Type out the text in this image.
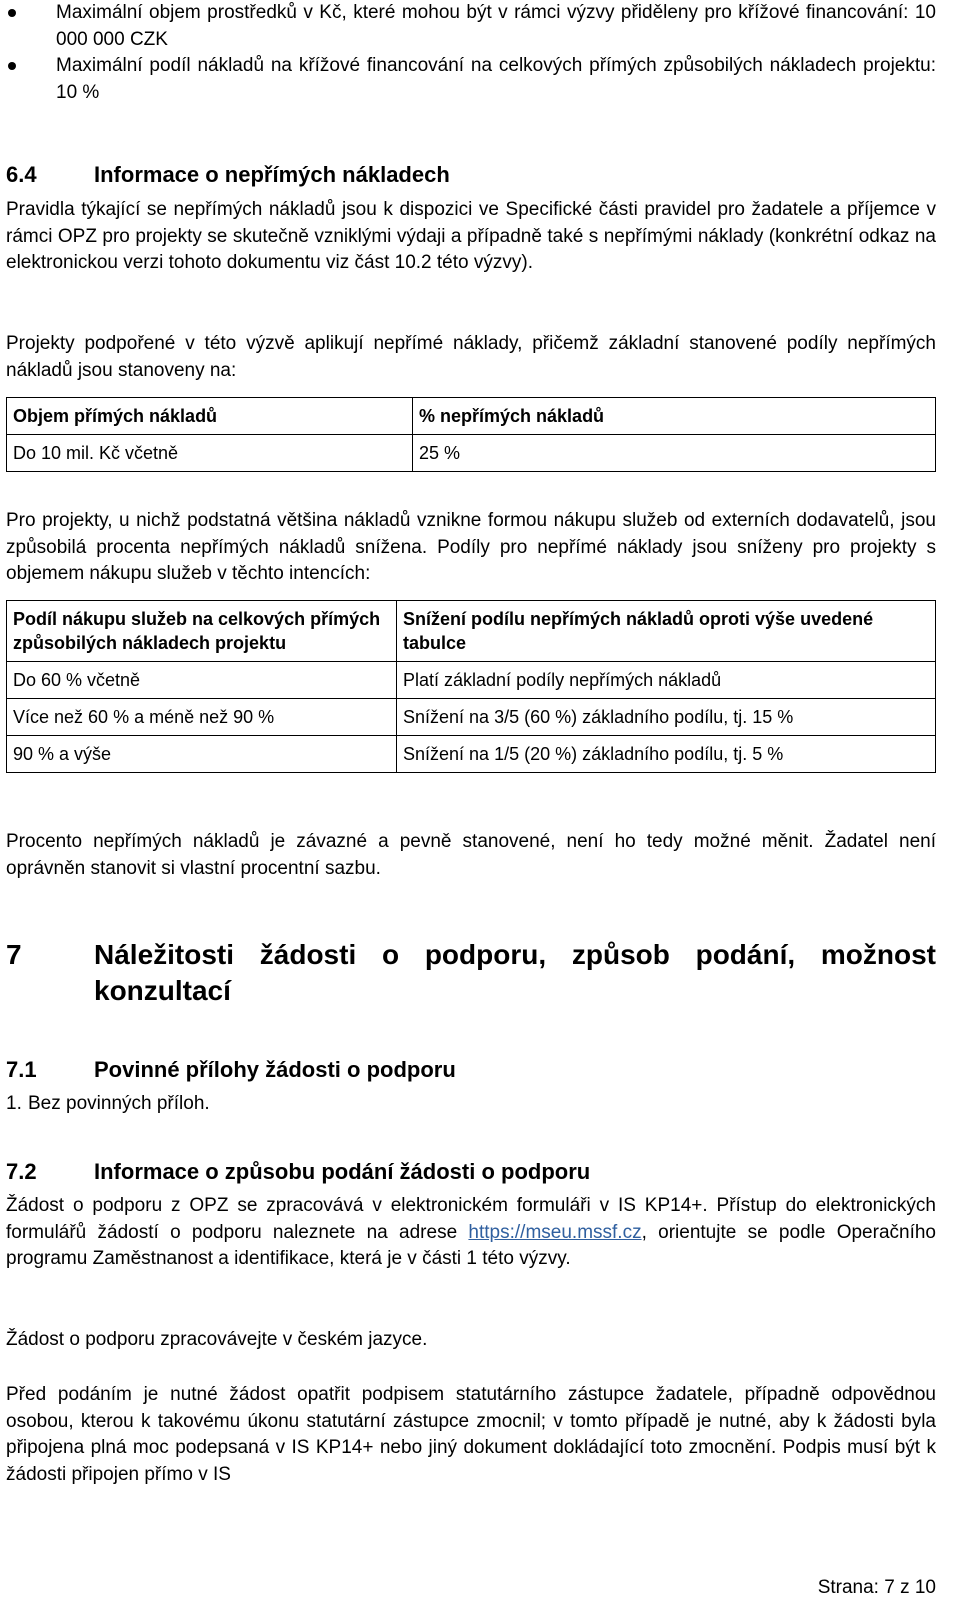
Maximální objem prostředků v Kč, které mohou být v rámci výzvy přiděleny pro křížové financování: 10 000 000 CZK
Maximální podíl nákladů na křížové financování na celkových přímých způsobilých nákladech projektu: 10 %
6.4	Informace o nepřímých nákladech

Pravidla týkající se nepřímých nákladů jsou k dispozici ve Specifické části pravidel pro žadatele a příjemce v rámci OPZ pro projekty se skutečně vzniklými výdaji a případně také s nepřímými náklady (konkrétní odkaz na elektronickou verzi tohoto dokumentu viz část 10.2 této výzvy).

Projekty podpořené v této výzvě aplikují nepřímé náklady, přičemž základní stanovené podíly nepřímých nákladů jsou stanoveny na:

Objem přímých nákladů	% nepřímých nákladů
Do 10 mil. Kč včetně	25 %

Pro projekty, u nichž podstatná většina nákladů vznikne formou nákupu služeb od externích dodavatelů, jsou způsobilá procenta nepřímých nákladů snížena. Podíly pro nepřímé náklady jsou sníženy pro projekty s objemem nákupu služeb v těchto intencích:

Podíl nákupu služeb na celkových přímých způsobilých nákladech projektu	Snížení podílu nepřímých nákladů oproti výše uvedené tabulce
Do 60 % včetně	Platí základní podíly nepřímých nákladů
Více než 60 % a méně než 90 %	Snížení na 3/5 (60 %) základního podílu, tj. 15 %
90 % a výše	Snížení na 1/5 (20 %) základního podílu, tj. 5 %

Procento nepřímých nákladů je závazné a pevně stanovené, není ho tedy možné měnit. Žadatel není oprávněn stanovit si vlastní procentní sazbu.

7	Náležitosti žádosti o podporu, způsob podání, možnost konzultací
7.1	Povinné přílohy žádosti o podporu
1. Bez povinných příloh.
7.2	Informace o způsobu podání žádosti o podporu

Žádost o podporu z OPZ se zpracovává v elektronickém formuláři v IS KP14+. Přístup do elektronických formulářů žádostí o podporu naleznete na adrese https://mseu.mssf.cz, orientujte se podle Operačního programu Zaměstnanost a identifikace, která je v části 1 této výzvy.

Žádost o podporu zpracovávejte v českém jazyce.

Před podáním je nutné žádost opatřit podpisem statutárního zástupce žadatele, případně odpovědnou osobou, kterou k takovému úkonu statutární zástupce zmocnil; v tomto případě je nutné, aby k žádosti byla připojena plná moc podepsaná v IS KP14+ nebo jiný dokument dokládající toto zmocnění. Podpis musí být k žádosti připojen přímo v IS

Strana: 7 z 10
